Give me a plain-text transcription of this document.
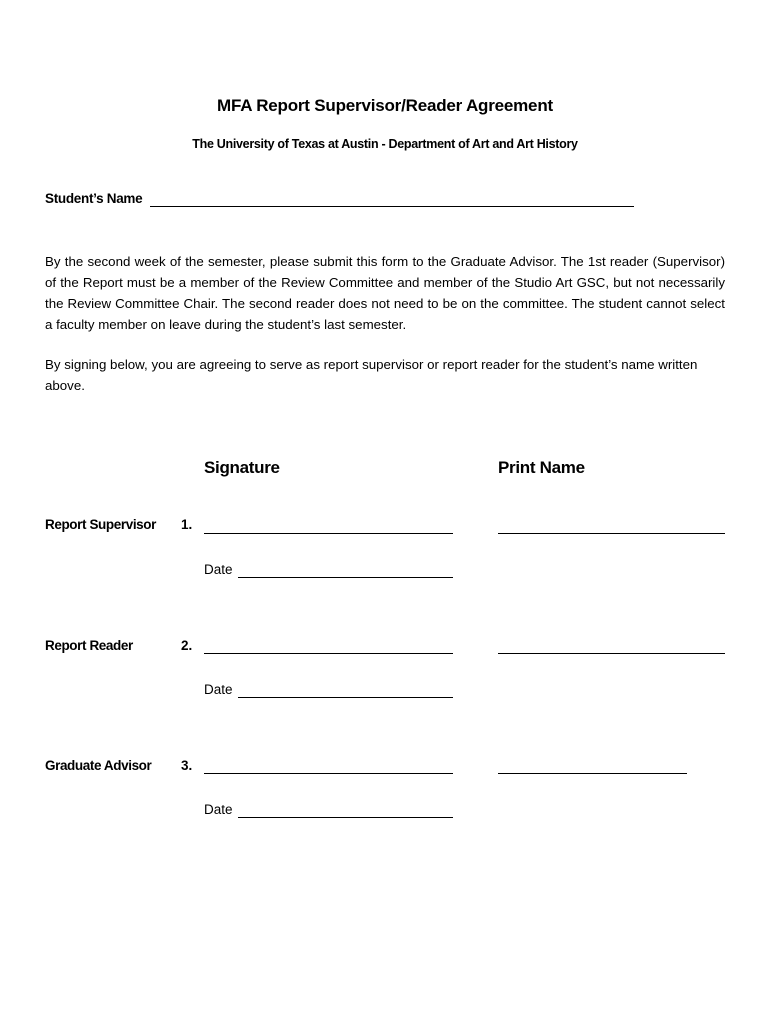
MFA Report Supervisor/Reader Agreement
The University of Texas at Austin - Department of Art and Art History
Student’s Name
By the second week of the semester, please submit this form to the Graduate Advisor. The 1st reader (Supervisor) of the Report must be a member of the Review Committee and member of the Studio Art GSC, but not necessarily the Review Committee Chair. The second reader does not need to be on the committee. The student cannot select a faculty member on leave during the student’s last semester.
By signing below, you are agreeing to serve as report supervisor or report reader for the student’s name written above.
Signature	Print Name
Report Supervisor 1.
Date
Report Reader	2.
Date
Graduate Advisor 3.
Date
